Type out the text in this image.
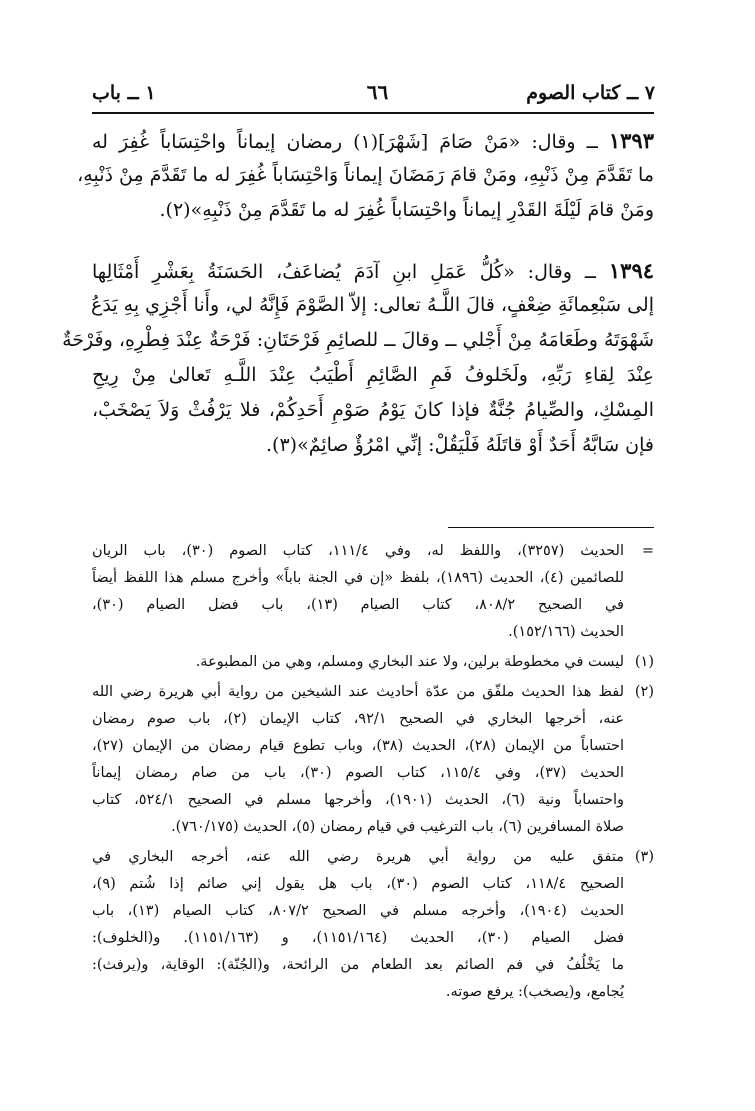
٧ ــ كتاب الصوم
٦٦
١ ــ باب
١٣٩٣ ــ وقال: «مَنْ صَامَ [شَهْرَ](١) رمضان إيماناً واحْتِسَاباً غُفِرَ له
ما تَقَدَّمَ مِنْ ذَنْبِهِ، ومَنْ قامَ رَمَضَانَ إيماناً وَاحْتِسَاباً غُفِرَ له ما تَقَدَّمَ مِنْ ذَنْبِهِ،
ومَنْ قامَ لَيْلَةَ القَدْرِ إيماناً واحْتِسَاباً غُفِرَ له ما تَقَدَّمَ مِنْ ذَنْبِهِ»(٢).
١٣٩٤ ــ وقال: «كُلُّ عَمَلِ ابنِ آدَمَ يُضاعَفُ، الحَسَنَةُ بِعَشْرِ أَمْثَالِها
إلى سَبْعِمائَةِ ضِعْفٍ، قالَ اللَّـهُ تعالى: إلاّ الصَّوْمَ فَإِنَّهُ لي، وأَنا أَجْزِي بِهِ يَدَعُ
شَهْوَتَهُ وطَعَامَهُ مِنْ أَجْلي ــ وقالَ ــ للصائِمِ فَرْحَتَانِ: فَرْحَةٌ عِنْدَ فِطْرِهِ، وفَرْحَةٌ
عِنْدَ لِقاءِ رَبِّهِ، ولَخَلوفُ فَمِ الصَّائِمِ أَطْيَبُ عِنْدَ اللَّـهِ تَعالىٰ مِنْ رِيحِ
المِسْكِ، والصِّيامُ جُنَّةٌ فإذا كانَ يَوْمُ صَوْمِ أَحَدِكُمْ، فلا يَرْفُثْ وَلاَ يَصْخَبْ،
فإن سَابَّهُ أَحَدٌ أَوْ قاتَلَهُ فَلْيَقُلْ: إنِّي امْرُؤٌ صائِمٌ»(٣).
=
الحديث (٣٢٥٧)، واللفظ له، وفي ١١١/٤، كتاب الصوم (٣٠)، باب الريان
للصائمين (٤)، الحديث (١٨٩٦)، بلفظ «إن في الجنة باباً» وأخرج مسلم هذا اللفظ أيضاً
في الصحيح ٨٠٨/٢، كتاب الصيام (١٣)، باب فضل الصيام (٣٠)،
الحديث (١٥٢/١٦٦).
(١)
ليست في مخطوطة برلين، ولا عند البخاري ومسلم، وهي من المطبوعة.
(٢)
لفظ هذا الحديث ملفّق من عدّة أحاديث عند الشيخين من رواية أبي هريرة رضي الله
عنه، أخرجها البخاري في الصحيح ٩٢/١، كتاب الإيمان (٢)، باب صوم رمضان
احتساباً من الإيمان (٢٨)، الحديث (٣٨)، وباب تطوع قيام رمضان من الإيمان (٢٧)،
الحديث (٣٧)، وفي ١١٥/٤، كتاب الصوم (٣٠)، باب من صام رمضان إيماناً
واحتساباً ونية (٦)، الحديث (١٩٠١)، وأخرجها مسلم في الصحيح ٥٢٤/١، كتاب
صلاة المسافرين (٦)، باب الترغيب في قيام رمضان (٥)، الحديث (٧٦٠/١٧٥).
(٣)
متفق عليه من رواية أبي هريرة رضي الله عنه، أخرجه البخاري في
الصحيح ١١٨/٤، كتاب الصوم (٣٠)، باب هل يقول إني صائم إذا شُتم (٩)،
الحديث (١٩٠٤)، وأخرجه مسلم في الصحيح ٨٠٧/٢، كتاب الصيام (١٣)، باب
فضل الصيام (٣٠)، الحديث (١١٥١/١٦٤)، و (١١٥١/١٦٣). و(الخلوف):
ما يَخْلُفُ في فم الصائم بعد الطعام من الرائحة، و(الجُنّة): الوقاية، و(يرفث):
يُجامع، و(يصخب): يرفع صوته.
